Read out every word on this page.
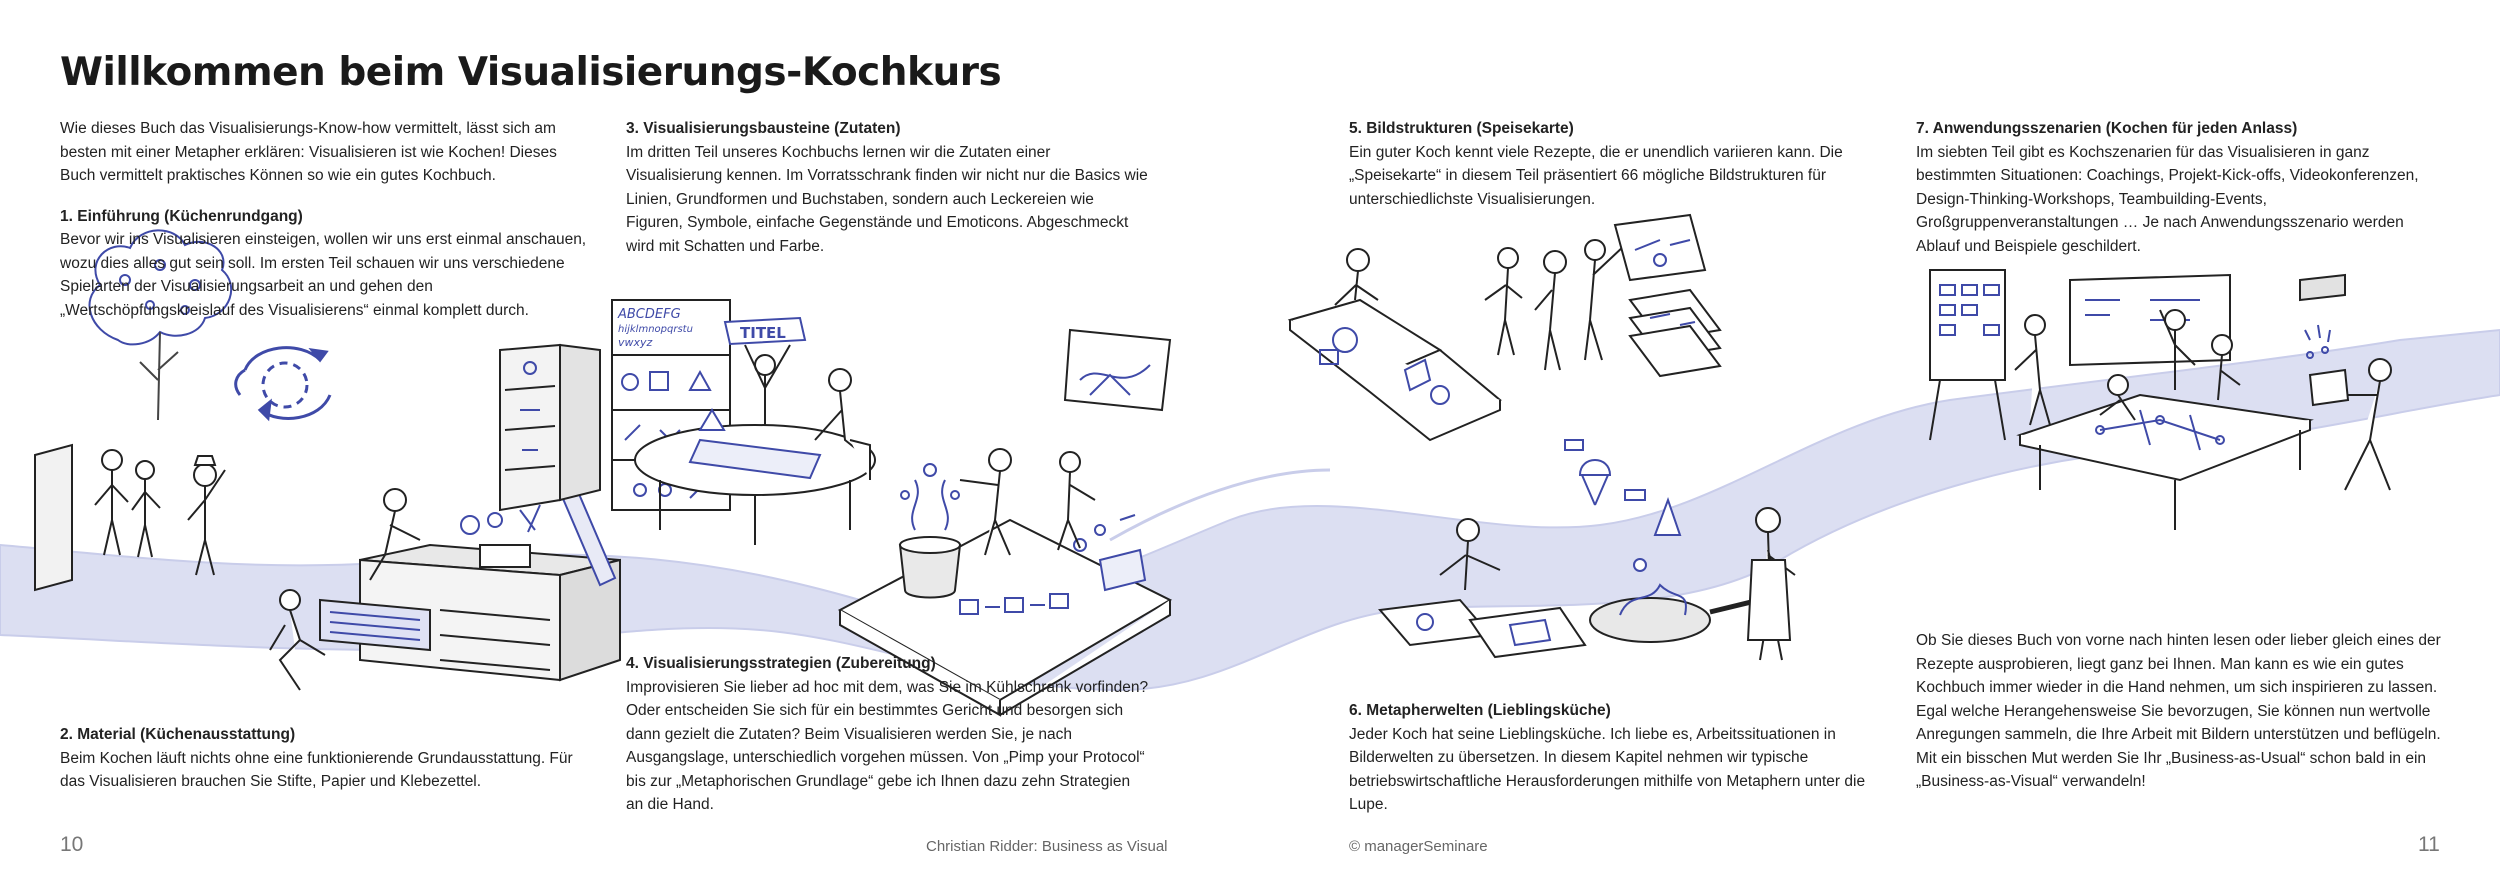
ABCDEFG
hijklmnopqrstu
vwxyz
TITEL
Willkommen beim Visualisierungs-Kochkurs

Wie dieses Buch das Visualisierungs-Know-how vermittelt, lässt sich am besten mit einer Metapher erklären: Visualisieren ist wie Kochen! Dieses Buch vermittelt praktisches Können so wie ein gutes Kochbuch.

1. Einführung (Küchenrundgang)

Bevor wir ins Visualisieren einsteigen, wollen wir uns erst einmal anschauen, wozu dies alles gut sein soll. Im ersten Teil schauen wir uns verschiedene Spielarten der Visualisierungsarbeit an und gehen den „Wertschöpfungskreislauf des Visualisierens“ einmal komplett durch.

2. Material (Küchenausstattung)

Beim Kochen läuft nichts ohne eine funktionierende Grundausstattung. Für das Visualisieren brauchen Sie Stifte, Papier und Klebezettel.

3. Visualisierungsbausteine (Zutaten)

Im dritten Teil unseres Kochbuchs lernen wir die Zutaten einer Visualisierung kennen. Im Vorratsschrank finden wir nicht nur die Basics wie Linien, Grundformen und Buchstaben, sondern auch Leckereien wie Figuren, Symbole, einfache Gegenstände und Emoticons. Abgeschmeckt wird mit Schatten und Farbe.

4. Visualisierungsstrategien (Zubereitung)

Improvisieren Sie lieber ad hoc mit dem, was Sie im Kühlschrank vorfinden? Oder entscheiden Sie sich für ein bestimmtes Gericht und besorgen sich dann gezielt die Zutaten? Beim Visualisieren werden Sie, je nach Ausgangslage, unterschiedlich vorgehen müssen. Von „Pimp your Protocol“ bis zur „Metaphorischen Grundlage“ gebe ich Ihnen dazu zehn Strategien an die Hand.

5. Bildstrukturen (Speisekarte)

Ein guter Koch kennt viele Rezepte, die er unendlich variieren kann. Die „Speisekarte“ in diesem Teil präsentiert 66 mögliche Bildstrukturen für unterschiedlichste Visualisierungen.

6. Metapherwelten (Lieblingsküche)

Jeder Koch hat seine Lieblingsküche. Ich liebe es, Arbeitssituationen in Bilderwelten zu übersetzen. In diesem Kapitel nehmen wir typische betriebswirtschaftliche Herausforderungen mithilfe von Metaphern unter die Lupe.

7. Anwendungsszenarien (Kochen für jeden Anlass)

Im siebten Teil gibt es Kochszenarien für das Visualisieren in ganz bestimmten Situationen: Coachings, Projekt-Kick-offs, Videokonferenzen, Design-Thinking-Workshops, Teambuilding-Events, Großgruppenveranstaltungen … Je nach Anwendungsszenario werden Ablauf und Beispiele geschildert.

Ob Sie dieses Buch von vorne nach hinten lesen oder lieber gleich eines der Rezepte ausprobieren, liegt ganz bei Ihnen. Man kann es wie ein gutes Kochbuch immer wieder in die Hand nehmen, um sich inspirieren zu lassen. Egal welche Herangehensweise Sie bevorzugen, Sie können nun wertvolle Anregungen sammeln, die Ihre Arbeit mit Bildern unterstützen und beflügeln. Mit ein bisschen Mut werden Sie Ihr „Business-as-Usual“ schon bald in ein „Business-as-Visual“ verwandeln!

10	Christian Ridder: Business as Visual	© managerSeminare	11
